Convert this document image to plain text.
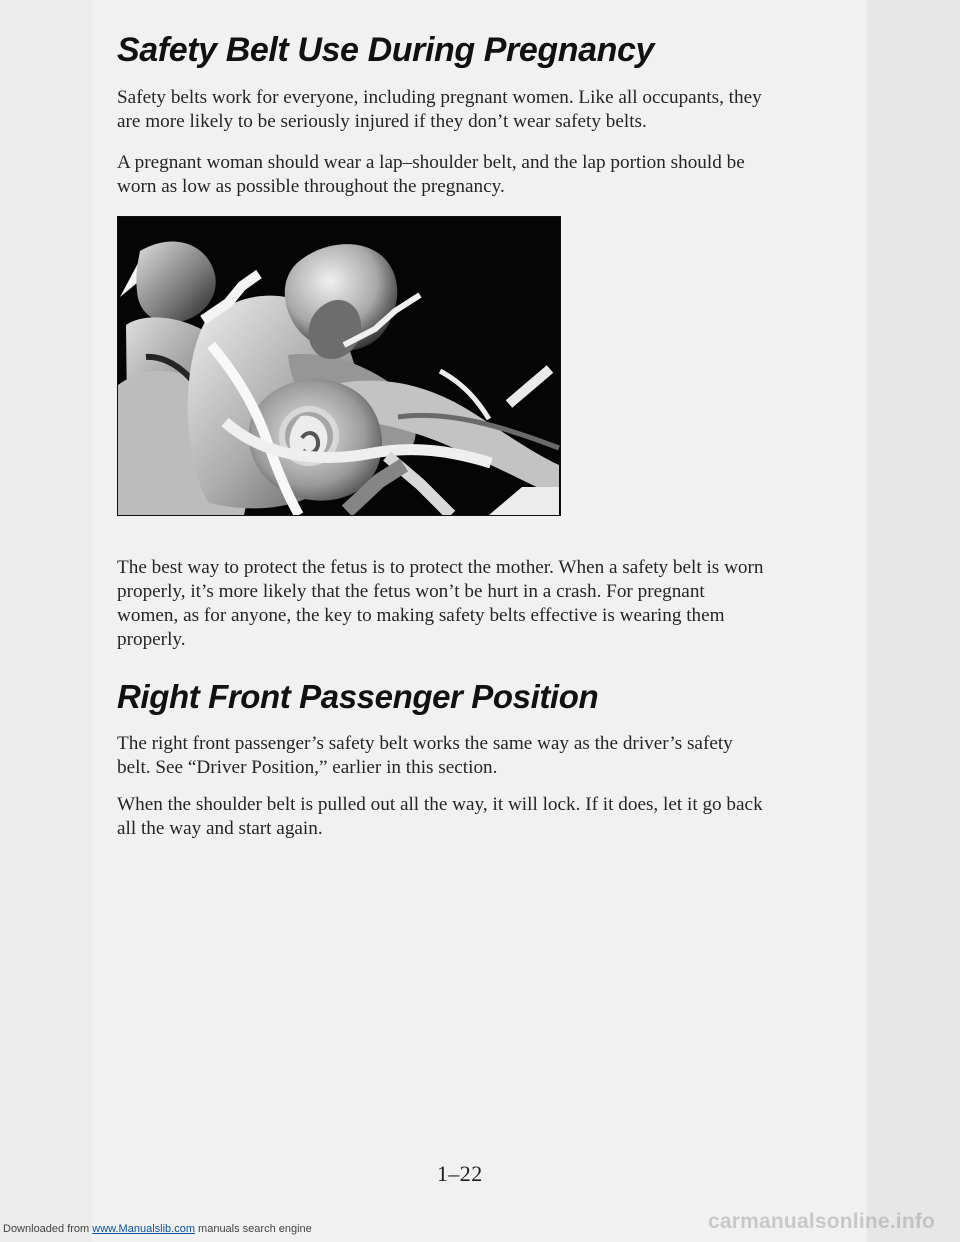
Safety Belt Use During Pregnancy

Safety belts work for everyone, including pregnant women. Like all occupants, they are more likely to be seriously injured if they don’t wear safety belts.

A pregnant woman should wear a lap–shoulder belt, and the lap portion should be worn as low as possible throughout the pregnancy.

The best way to protect the fetus is to protect the mother. When a safety belt is worn properly, it’s more likely that the fetus won’t be hurt in a crash. For pregnant women, as for anyone, the key to making safety belts effective is wearing them properly.

Right Front Passenger Position

The right front passenger’s safety belt works the same way as the driver’s safety belt. See “Driver Position,” earlier in this section.

When the shoulder belt is pulled out all the way, it will lock. If it does, let it go back all the way and start again.

1–22
Downloaded from www.Manualslib.com manuals search engine	carmanualsonline.info
